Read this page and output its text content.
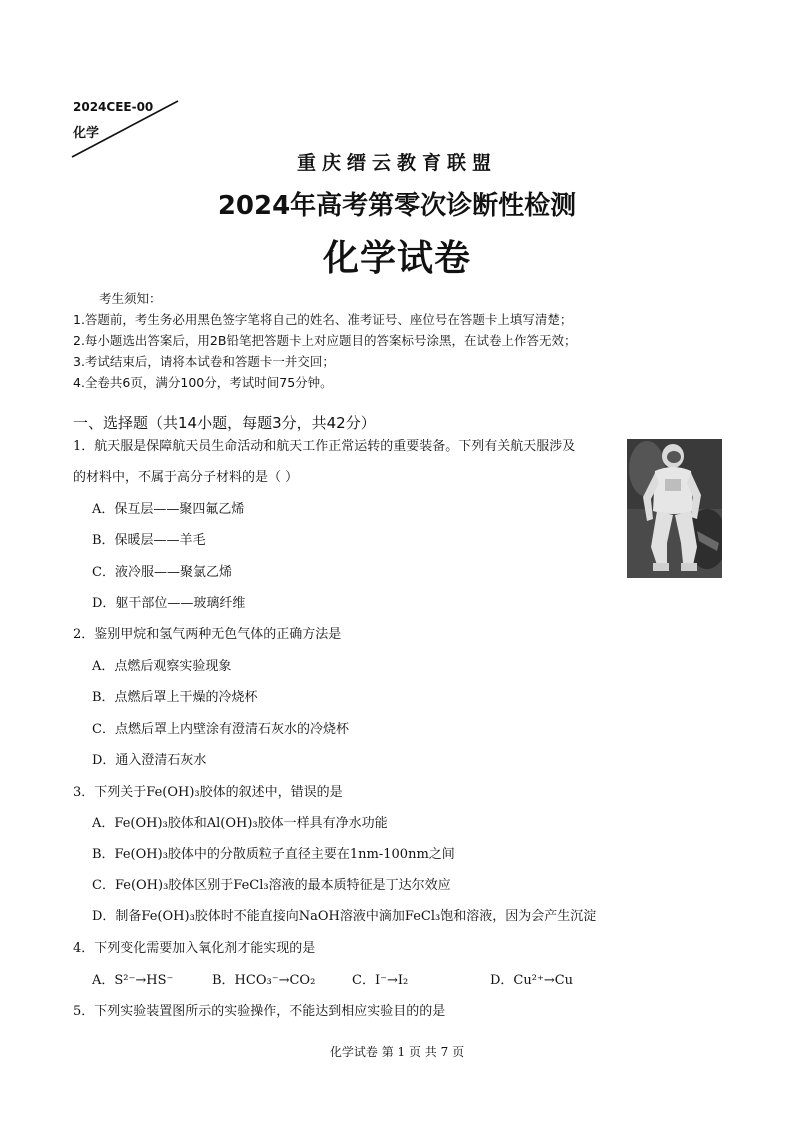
2024CEE-00
化学
重庆缙云教育联盟
2024年高考第零次诊断性检测
化学试卷
考生须知：
1.答题前，考生务必用黑色签字笔将自己的姓名、准考证号、座位号在答题卡上填写清楚；
2.每小题选出答案后，用2B铅笔把答题卡上对应题目的答案标号涂黑，在试卷上作答无效；
3.考试结束后，请将本试卷和答题卡一并交回；
4.全卷共6页，满分100分，考试时间75分钟。
一、选择题（共14小题，每题3分，共42分）
1．航天服是保障航天员生命活动和航天工作正常运转的重要装备。下列有关航天服涉及
的材料中，不属于高分子材料的是（ ）
A．保互层——聚四氟乙烯
B．保暖层——羊毛
C．液冷服——聚氯乙烯
D．躯干部位——玻璃纤维
2．鉴别甲烷和氢气两种无色气体的正确方法是
A．点燃后观察实验现象
B．点燃后罩上干燥的冷烧杯
C．点燃后罩上内壁涂有澄清石灰水的冷烧杯
D．通入澄清石灰水
3．下列关于Fe(OH)₃胶体的叙述中，错误的是
A．Fe(OH)₃胶体和Al(OH)₃胶体一样具有净水功能
B．Fe(OH)₃胶体中的分散质粒子直径主要在1nm-100nm之间
C．Fe(OH)₃胶体区别于FeCl₃溶液的最本质特征是丁达尔效应
D．制备Fe(OH)₃胶体时不能直接向NaOH溶液中滴加FeCl₃饱和溶液，因为会产生沉淀
4．下列变化需要加入氧化剂才能实现的是
A．S²⁻→HS⁻	B．HCO₃⁻→CO₂	C．I⁻→I₂	D．Cu²⁺→Cu
5．下列实验装置图所示的实验操作，不能达到相应实验目的的是
化学试卷 第 1 页 共 7 页
